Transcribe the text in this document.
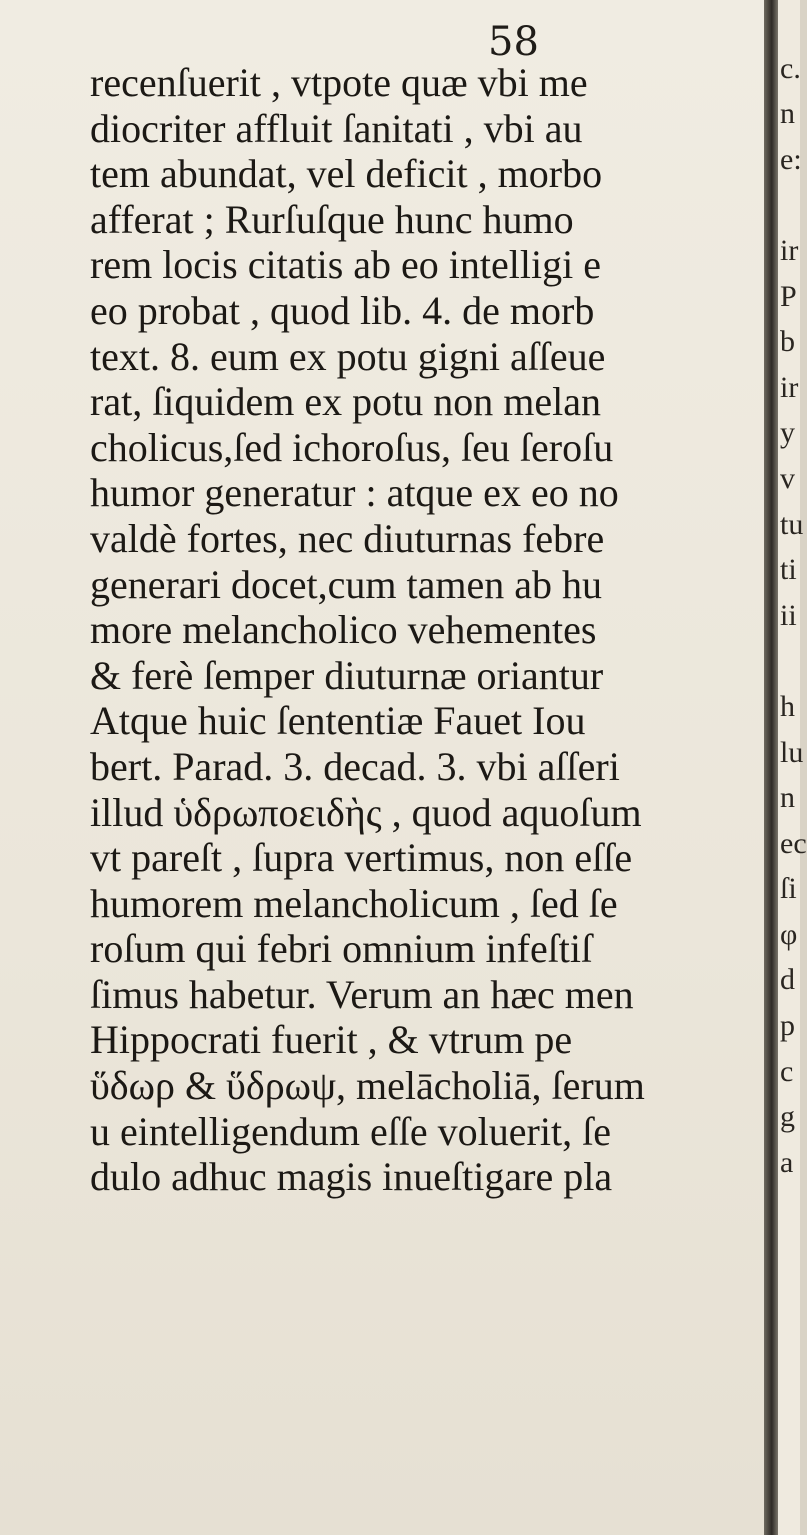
58
recenſuerit , vtpote quæ vbi me
diocriter affluit ſanitati , vbi au
tem abundat, vel deficit , morbo
afferat ; Rurſuſque hunc humo
rem locis citatis ab eo intelligi e
eo probat , quod lib. 4. de morb
text. 8. eum ex potu gigni aſſeue
rat, ſiquidem ex potu non melan
cholicus,ſed ichoroſus, ſeu ſeroſu
humor generatur : atque ex eo no
valdè fortes, nec diuturnas febre
generari docet,cum tamen ab hu
more melancholico vehementes
& ferè ſemper diuturnæ oriantur
Atque huic ſententiæ Fauet Iou
bert. Parad. 3. decad. 3. vbi aſſeri
illud ὑδρωποειδὴς , quod aquoſum
vt pareſt , ſupra vertimus, non eſſe
humorem melancholicum , ſed ſe
roſum qui febri omnium infeſtiſ
ſimus habetur. Verum an hæc men
Hippocrati fuerit , & vtrum pe
ὕδωρ & ὕδρωψ, melācholiā, ſerum
u eintelligendum eſſe voluerit, ſe
dulo adhuc magis inueſtigare pla
c.
n
e:
ir
P
b
ir
y
v
tu
ti
ii
h
lu
n
ec
ſi
φ
d
p
c
g
a
